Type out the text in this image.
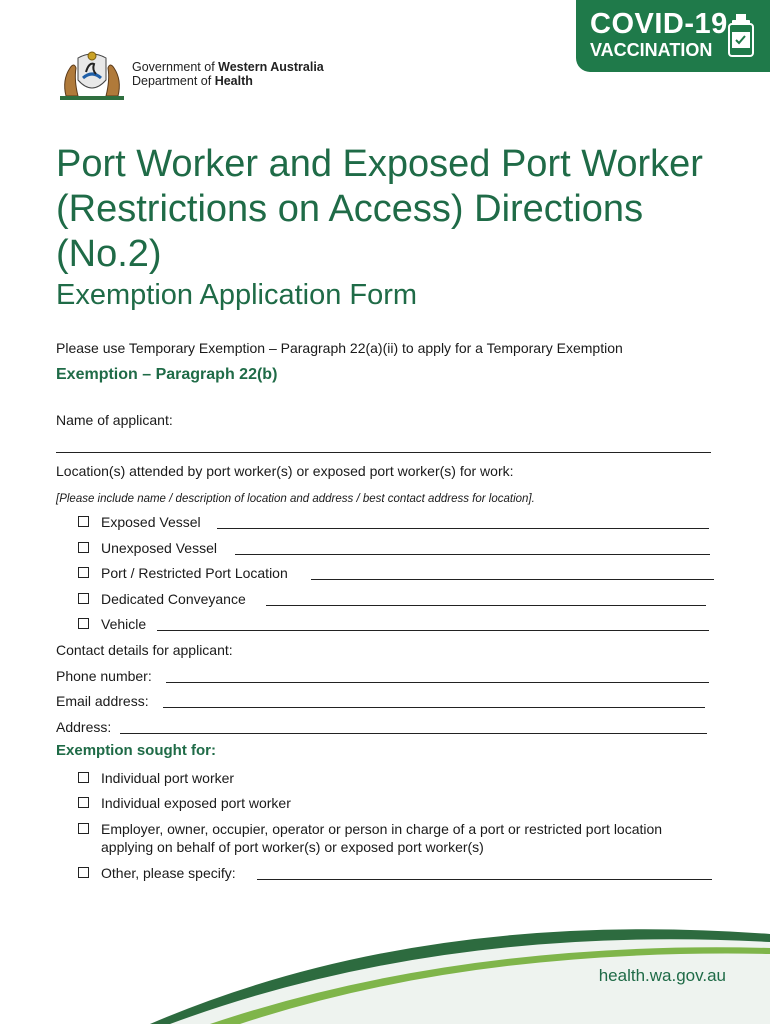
Government of Western Australia
Department of Health
COVID-19
VACCINATION
Port Worker and Exposed Port Worker (Restrictions on Access) Directions (No.2)
Exemption Application Form
Please use Temporary Exemption – Paragraph 22(a)(ii) to apply for a Temporary Exemption
Exemption – Paragraph 22(b)
Name of applicant:
Location(s) attended by port worker(s) or exposed port worker(s) for work:
[Please include name / description of location and address / best contact address for location].
Exposed Vessel
Unexposed Vessel
Port / Restricted Port Location
Dedicated Conveyance
Vehicle
Contact details for applicant:
Phone number:
Email address:
Address:
Exemption sought for:
Individual port worker
Individual exposed port worker
Employer, owner, occupier, operator or person in charge of a port or restricted port location
applying on behalf of port worker(s) or exposed port worker(s)
Other, please specify:
health.wa.gov.au
